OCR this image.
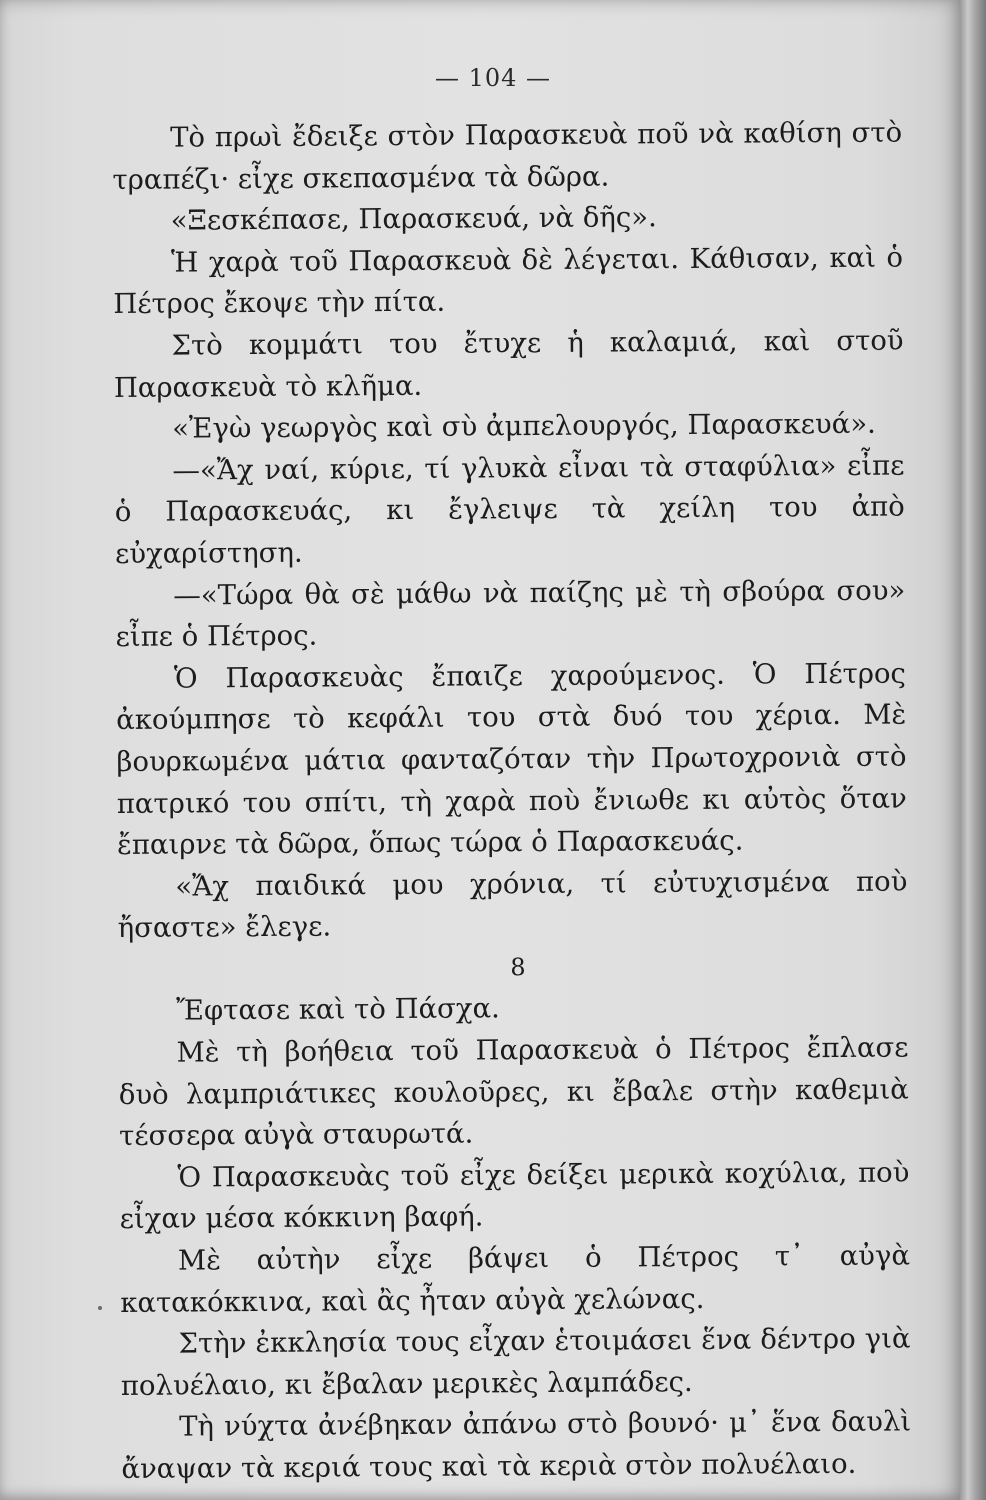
— 104 —

Τὸ πρωὶ ἔδειξε στὸν Παρασκευὰ ποῦ νὰ καθίση στὸ τραπέζι· εἶχε σκεπασμένα τὰ δῶρα.

«Ξεσκέπασε, Παρασκευά, νὰ δῆς».

Ἡ χαρὰ τοῦ Παρασκευὰ δὲ λέγεται. Κάθισαν, καὶ ὁ Πέτρος ἔκοψε τὴν πίτα.

Στὸ κομμάτι του ἔτυχε ἡ καλαμιά, καὶ στοῦ Παρασκευὰ τὸ κλῆμα.

«Ἐγὼ γεωργὸς καὶ σὺ ἀμπελουργός, Παρασκευά».

—«Ἄχ ναί, κύριε, τί γλυκὰ εἶναι τὰ σταφύλια» εἶπε ὁ Παρασκευάς, κι ἔγλειψε τὰ χείλη του ἀπὸ εὐχαρίστηση.

—«Τώρα θὰ σὲ μάθω νὰ παίζης μὲ τὴ σβούρα σου» εἶπε ὁ Πέτρος.

Ὁ Παρασκευὰς ἔπαιζε χαρούμενος. Ὁ Πέτρος ἀκούμπησε τὸ κεφάλι του στὰ δυό του χέρια. Μὲ βουρκωμένα μάτια φανταζόταν τὴν Πρωτοχρονιὰ στὸ πατρικό του σπίτι, τὴ χαρὰ ποὺ ἔνιωθε κι αὐτὸς ὅταν ἔπαιρνε τὰ δῶρα, ὅπως τώρα ὁ Παρασκευάς.

«Ἄχ παιδικά μου χρόνια, τί εὐτυχισμένα ποὺ ἤσαστε» ἔλεγε.

8

Ἔφτασε καὶ τὸ Πάσχα.

Μὲ τὴ βοήθεια τοῦ Παρασκευὰ ὁ Πέτρος ἔπλασε δυὸ λαμπριάτικες κουλοῦρες, κι ἔβαλε στὴν καθεμιὰ τέσσερα αὐγὰ σταυρωτά.

Ὁ Παρασκευὰς τοῦ εἶχε δείξει μερικὰ κοχύλια, ποὺ εἶχαν μέσα κόκκινη βαφή.

Μὲ αὐτὴν εἶχε βάψει ὁ Πέτρος τ᾽ αὐγὰ κατακόκκινα, καὶ ἂς ἦταν αὐγὰ χελώνας.

Στὴν ἐκκλησία τους εἶχαν ἑτοιμάσει ἕνα δέντρο γιὰ πολυέλαιο, κι ἔβαλαν μερικὲς λαμπάδες.

Τὴ νύχτα ἀνέβηκαν ἀπάνω στὸ βουνό· μ᾽ ἕνα δαυλὶ ἄναψαν τὰ κεριά τους καὶ τὰ κεριὰ στὸν πολυέλαιο.
